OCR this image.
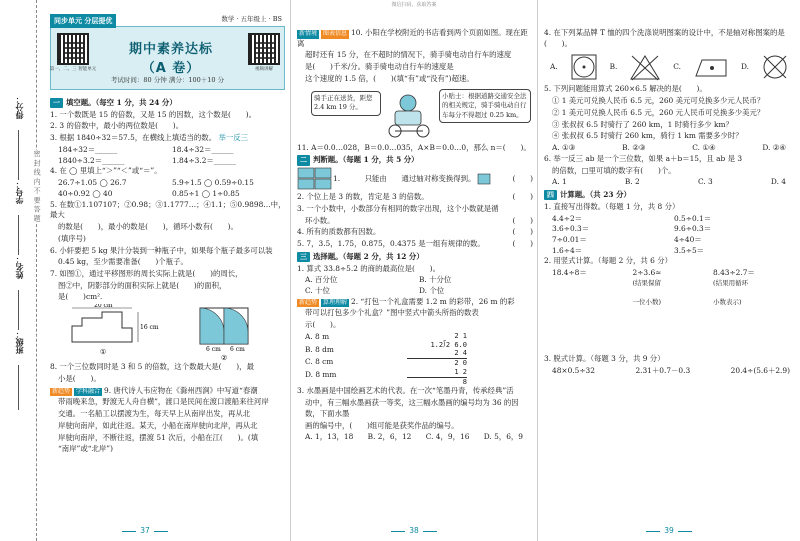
得分：
学号：
姓名：
班级：
密 封 线 内 不 要 答 题
同步单元 分层提优	数学 · 五年级上 · BS
第一、二、三 智能单元	视频讲解
期中素养达标（A 卷）
考试时间：80 分钟 满分：100＋10 分
一 填空题。（每空 1 分，共 24 分）
1. 一个数既是 15 的倍数，又是 15 的因数，这个数是(　　)。
2. 3 的倍数中，最小的两位数是(　　)。
3. 根据 1840÷32＝57.5，在横线上填适当的数。 举一反三
184÷32＝______	18.4÷32＝______
1840÷3.2＝______	1.84÷3.2＝______
4. 在 ◯ 里填上“＞”“＜”或“＝”。
26.7÷1.05 ◯ 26.7	5.9÷1.5 ◯ 0.59÷0.15
40÷0.92 ◯ 40	0.85÷1 ◯ 1÷0.85
5. 在数①1.107107；②0.98；③1.1777…；④1.1；⑤0.9898…中，最大
的数是(　　)，最小的数是(　　)，循环小数有(　　)。
(填序号)
6. 小轩要把 5 kg 果汁分装到一种瓶子中，如果每个瓶子最多可以装
0.45 kg，至少需要准备(　　)个瓶子。
7. 如图①，通过平移图形的周长实际上就是(　　)的周长，
图②中，阴影部分的面积实际上就是(　　)的面积，
是(　　)cm².
20 cm
16 cm
①	6 cm 6 cm
②
8. 一个三位数同时是 3 和 5 的倍数，这个数最大是(　　)，最
小是(　　)。
新趋势 学科融合 9. 唐代诗人韦应物在《滁州西涧》中写道“春潮
带雨晚来急，野渡无人舟自横”，渡口是民间在渡口渡船来往河岸
交通。一名船工以摆渡为生，每天早上从南岸出发，再从北
岸驶向南岸，如此往返。某天，小船在南岸驶向北岸，再从北
岸驶向南岸，不断往返，摆渡 51 次后，小船在江(　　)。(填
“南岸”或“北岸”)
37
微信扫码，获取答案
新情境 图表信息 10. 小阳在学校附近的书店看到两个页面如图。现在距离
超时还有 15 分，在不超时的情况下，骑手骑电动自行车的速度
是(　　)千米/分。骑手骑电动自行车的速度是
这个速度的 1.5 倍，(　　)(填“有”或“没有”)超速。
骑手正在送货，距您2.4 km 19 分。
小贴士：根据道路交通安全法的相关规定，骑手骑电动自行车每分不得超过 0.25 km。
11. A＝0.0…028，B＝0.0…035，A×B＝0.0…0，那么 n＝(　　)。
二 判断题。（每题 1 分，共 5 分）
1. 　　　只能由　　通过轴对称变换得到。	(　　)
2. 个位上是 3 的数，肯定是 3 的倍数。	(　　)
3. 一个小数中，小数部分有相同的数字出现，这个小数就是循
环小数。	(　　)
4. 所有的质数都有因数。	(　　)
5. 7，3.5，1.75，0.875，0.4375 是一组有规律的数。	(　　)
三 选择题。（每题 2 分，共 12 分）
1. 算式 33.8÷5.2 的商的最高位是(　　)。
A. 百分位	B. 十分位
C. 十位	D. 个位
新趋势 算理理解 2. “打包一个礼盒需要 1.2 m 的彩带，26 m 的彩
带可以打包多少个礼盒？”图中竖式中箭头所指的数表
示(　　)。
A. 8 m
B. 8 dm
C. 8 cm
D. 8 mm
2 1
1.2⟌2 6.0
2 4
2 0
1 2
8
3. 水墨画是中国绘画艺术的代表。在一次“笔墨丹青，传承经典”活
动中，有三幅水墨画获一等奖，这三幅水墨画的编号均为 36 的因数，下面水墨
画的编号中，(　　)组可能是获奖作品的编号。
A. 1，13，18 B. 2，6，12 C. 4，9，16 D. 5，6，9
38
4. 在下列某品牌 T 恤的四个洗涤说明图案的设计中，不是轴对称图案的是(　　)。
A.	B.	C.	D.
5. 下列问题能用算式 260×6.5 解决的是(　　)。
① 1 美元可兑换人民币 6.5 元，260 美元可兑换多少元人民币？
② 1 美元可兑换人民币 6.5 元，260 元人民币可兑换多少美元？
③ 张叔叔 6.5 时骑行了 260 km，1 时骑行多少 km？
④ 张叔叔 6.5 时骑行 260 km，骑行 1 km 需要多少时？
A. ①③	B. ②③	C. ①④	D. ②④
6. 举一反三 ab 是一个三位数，如果 a＋b＝15，且 ab 是 3
的倍数，□里可填的数字有(　　)个。
A. 1	B. 2	C. 3	D. 4
四 计算题。（共 23 分）
1. 直接写出得数。（每题 1 分，共 8 分）
4.4÷2＝	0.5÷0.1＝
3.6÷0.3＝	9.6÷0.3＝
7÷0.01＝	4÷40＝
1.6÷4＝	3.5÷5＝
2. 用竖式计算。（每题 2 分，共 6 分）
18.4÷8＝	2÷3.6≈
(结果保留
一位小数)
8.43÷2.7＝
(结果用循环
小数表示)
3. 脱式计算。（每题 3 分，共 9 分）
48×0.5÷32	2.31＋0.7－0.3	20.4÷(5.6＋2.9)
39
